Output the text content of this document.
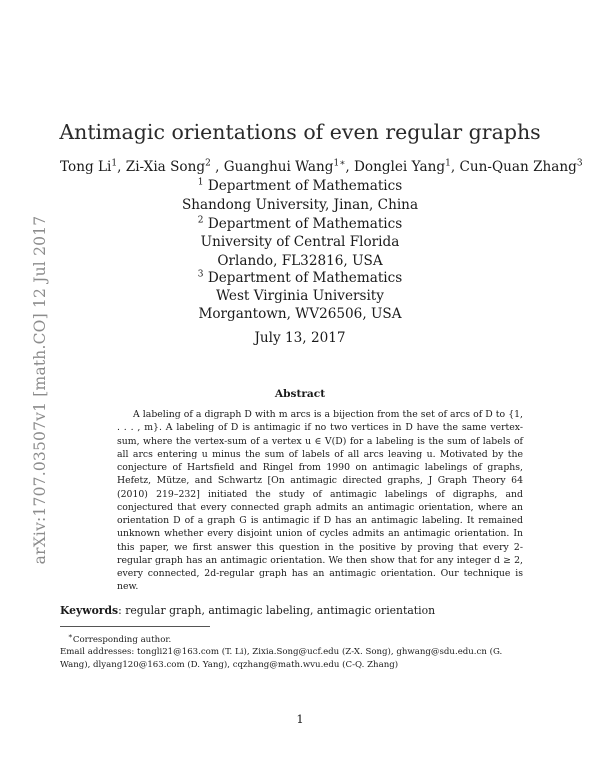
arXiv:1707.03507v1 [math.CO] 12 Jul 2017
Antimagic orientations of even regular graphs
Tong Li$^1$, Zi-Xia Song$^2$ , Guanghui Wang$^{1∗}$, Donglei Yang$^1$, Cun-Quan Zhang$^3$
$^1$ Department of Mathematics
Shandong University, Jinan, China
$^2$ Department of Mathematics
University of Central Florida
Orlando, FL32816, USA
$^3$ Department of Mathematics
West Virginia University
Morgantown, WV26506, USA
July 13, 2017
Abstract

A labeling of a digraph D with m arcs is a bijection from the set of arcs of D to {1, . . . , m}. A labeling of D is antimagic if no two vertices in D have the same vertex-sum, where the vertex-sum of a vertex u ∈ V(D) for a labeling is the sum of labels of all arcs entering u minus the sum of labels of all arcs leaving u. Motivated by the conjecture of Hartsfield and Ringel from 1990 on antimagic labelings of graphs, Hefetz, Mütze, and Schwartz [On antimagic directed graphs, J Graph Theory 64 (2010) 219–232] initiated the study of antimagic labelings of digraphs, and conjectured that every connected graph admits an antimagic orientation, where an orientation D of a graph G is antimagic if D has an antimagic labeling. It remained unknown whether every disjoint union of cycles admits an antimagic orientation. In this paper, we first answer this question in the positive by proving that every 2-regular graph has an antimagic orientation. We then show that for any integer d ≥ 2, every connected, 2d-regular graph has an antimagic orientation. Our technique is new.

Keywords: regular graph, antimagic labeling, antimagic orientation

∗Corresponding author.

Email addresses: tongli21@163.com (T. Li), Zixia.Song@ucf.edu (Z-X. Song), ghwang@sdu.edu.cn (G. Wang), dlyang120@163.com (D. Yang), cqzhang@math.wvu.edu (C-Q. Zhang)

1
